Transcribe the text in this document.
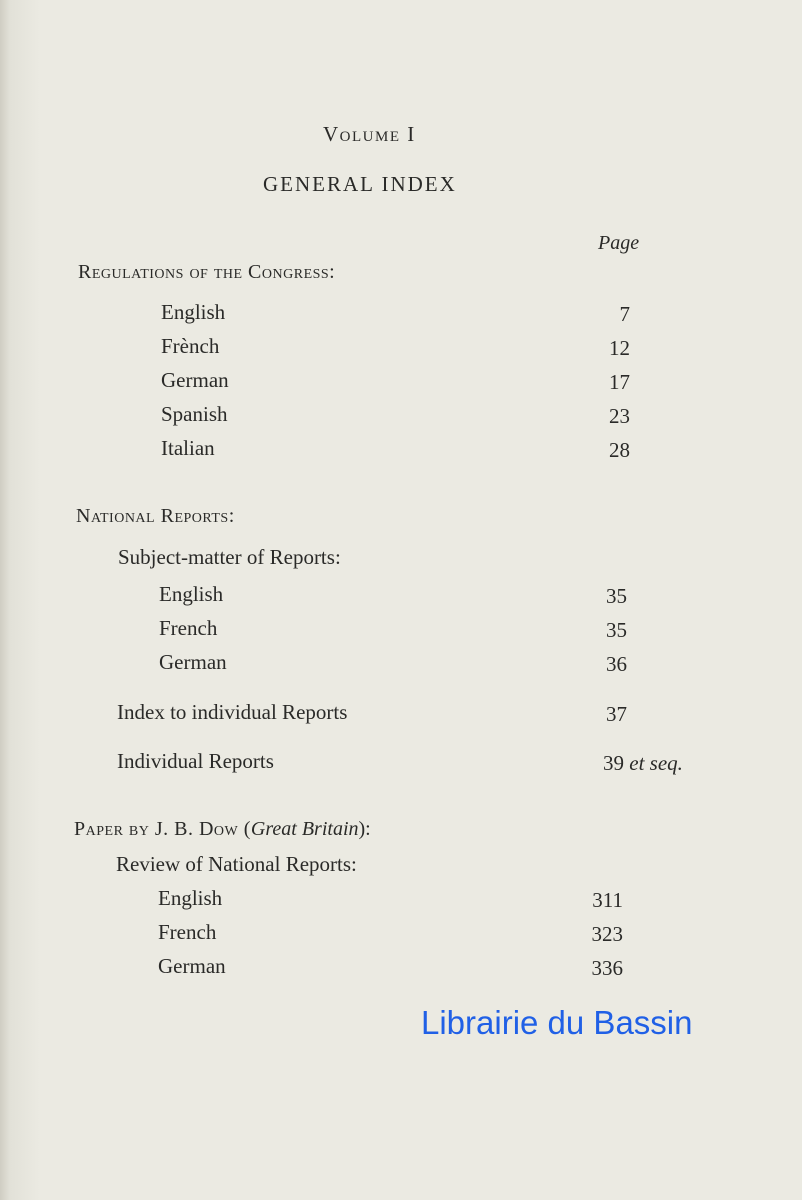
Volume I
GENERAL INDEX
Page
Regulations of the Congress:
English	7
Frènch	12
German	17
Spanish	23
Italian	28
National Reports:
Subject-matter of Reports:
English	35
French	35
German	36
Index to individual Reports	37
Individual Reports	39 et seq.
Paper by J. B. Dow (Great Britain):
Review of National Reports:
English	311
French	323
German	336
Librairie du Bassin
